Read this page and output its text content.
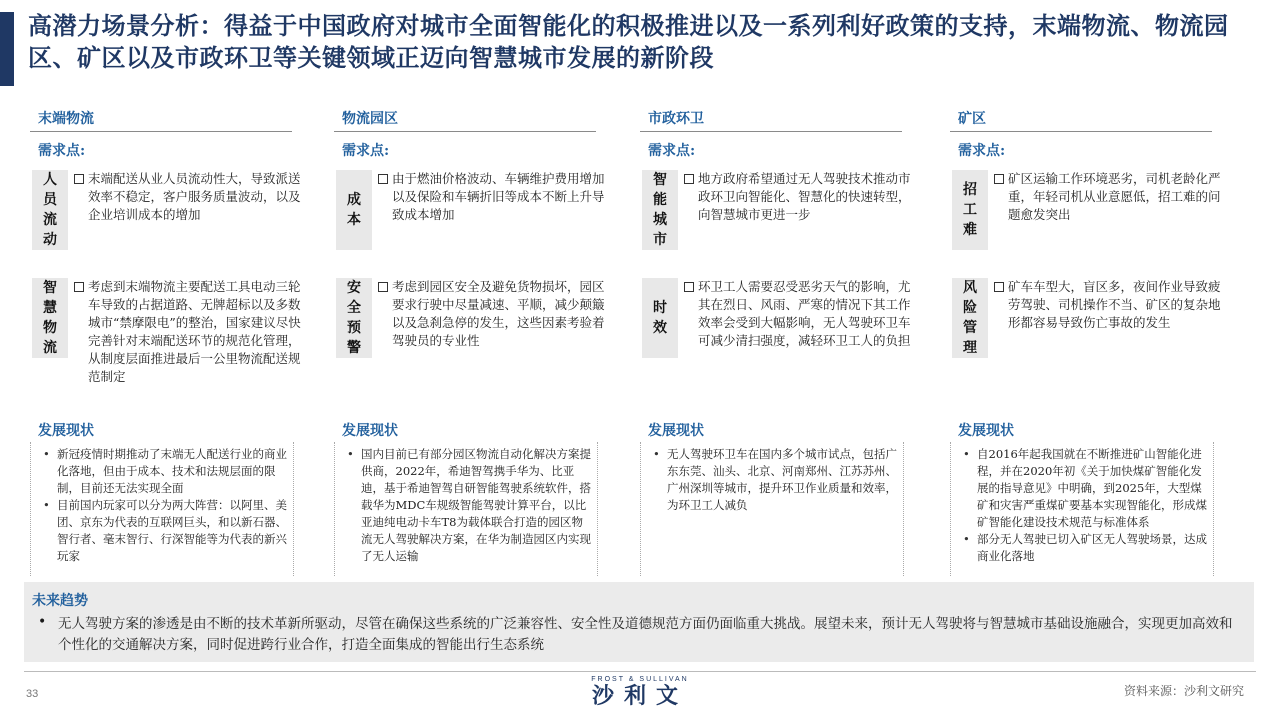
高潜力场景分析：得益于中国政府对城市全面智能化的积极推进以及一系列利好政策的支持，末端物流、物流园区、矿区以及市政环卫等关键领域正迈向智慧城市发展的新阶段
末端物流
需求点:
人员流动
末端配送从业人员流动性大，导致派送效率不稳定，客户服务质量波动，以及企业培训成本的增加
智慧物流
考虑到末端物流主要配送工具电动三轮车导致的占据道路、无牌超标以及多数城市“禁摩限电”的整治，国家建议尽快完善针对末端配送环节的规范化管理，从制度层面推进最后一公里物流配送规范制定
发展现状
• 新冠疫情时期推动了末端无人配送行业的商业化落地，但由于成本、技术和法规层面的限制，目前还无法实现全面
• 目前国内玩家可以分为两大阵营：以阿里、美团、京东为代表的互联网巨头，和以新石器、智行者、毫末智行、行深智能等为代表的新兴玩家
物流园区
需求点:
成本
由于燃油价格波动、车辆维护费用增加以及保险和车辆折旧等成本不断上升导致成本增加
安全预警
考虑到园区安全及避免货物损坏，园区要求行驶中尽量减速、平顺，减少颠簸以及急刹急停的发生，这些因素考验着驾驶员的专业性
发展现状
• 国内目前已有部分园区物流自动化解决方案提供商，2022年，希迪智驾携手华为、比亚迪，基于希迪智驾自研智能驾驶系统软件，搭载华为MDC车规级智能驾驶计算平台，以比亚迪纯电动卡车T8为载体联合打造的园区物流无人驾驶解决方案，在华为制造园区内实现了无人运输
市政环卫
需求点:
智能城市
地方政府希望通过无人驾驶技术推动市政环卫向智能化、智慧化的快速转型，向智慧城市更进一步
时效
环卫工人需要忍受恶劣天气的影响，尤其在烈日、风雨、严寒的情况下其工作效率会受到大幅影响，无人驾驶环卫车可减少清扫强度，减轻环卫工人的负担
发展现状
• 无人驾驶环卫车在国内多个城市试点，包括广东东莞、汕头、北京、河南郑州、江苏苏州、广州深圳等城市，提升环卫作业质量和效率，为环卫工人减负
矿区
需求点:
招工难
矿区运输工作环境恶劣，司机老龄化严重，年轻司机从业意愿低，招工难的问题愈发突出
风险管理
矿车车型大，盲区多，夜间作业导致疲劳驾驶、司机操作不当、矿区的复杂地形都容易导致伤亡事故的发生
发展现状
• 自2016年起我国就在不断推进矿山智能化进程，并在2020年初《关于加快煤矿智能化发展的指导意见》中明确，到2025年，大型煤矿和灾害严重煤矿要基本实现智能化，形成煤矿智能化建设技术规范与标准体系
• 部分无人驾驶已切入矿区无人驾驶场景，达成商业化落地
未来趋势
• 无人驾驶方案的渗透是由不断的技术革新所驱动，尽管在确保这些系统的广泛兼容性、安全性及道德规范方面仍面临重大挑战。展望未来，预计无人驾驶将与智慧城市基础设施融合，实现更加高效和个性化的交通解决方案，同时促进跨行业合作，打造全面集成的智能出行生态系统
33
FROST & SULLIVAN
沙利文	资料来源：沙利文研究
